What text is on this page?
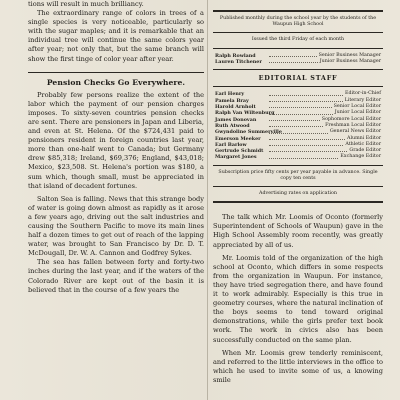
tions will result in much brilliancy.

The extraordinary range of colors in trees of a single species is very noticeable, particularly so with the sugar maples; and it is remarkable that an individual tree will continue the same colors year after year; not only that, but the same branch will show the first tinge of color year after year.

Pension Checks Go Everywhere.

Probably few persons realize the extent of the labor which the payment of our pension charges imposes. To sixty-seven countries pension checks are sent. There are pensioners in Japan and Liberia, and even at St. Helena. Of the $724,431 paid to pensioners resident in foreign countries last year, more than one-half went to Canada; but Germany drew $85,318; Ireland, $69,376; England, $43,018; Mexico, $23,508. St. Helena's portion was $180, a sum which, though small, must be appreciated in that island of decadent fortunes.

Salton Sea is falling. News that this strange body of water is going down almost as rapidly as it arose a few years ago, driving out the salt industries and causing the Southern Pacific to move its main lines half a dozen times to get out of reach of the lapping water, was brought to San Francisco by Dr. D. T. McDougall, Dr. W. A. Cannon and Godfrey Sykes.

The sea has fallen between forty and forty-two inches during the last year, and if the waters of the Colorado River are kept out of the basin it is believed that in the course of a few years the

Published monthly during the school year by the students of the Waupun High School

Issued the third Friday of each month

Ralph Rowland	Senior Business Manager
Lauren Titchener	Junior Business Manager

EDITORIAL STAFF

Earl Henry	Editor-in-Chief
Pamela Bray	Literary Editor
Harold Arnholt	Senior Local Editor
Ralph Van Wiltenburg	Junior Local Editor
James Donovan	Sophomore Local Editor
Ruth Atwood	Freshman Local Editor
Gwyndoline Summerville	General News Editor
Emerson Meeker	Alumni Editor
Earl Barlow	Athletic Editor
Gertrude Schmidt	Grade Editor
Margaret Jones	Exchange Editor

Subscription price fifty cents per year payable in advance. Single copy ten cents

Advertising rates on application

The talk which Mr. Loomis of Oconto (formerly Superintendent of Schools of Waupun) gave in the High School Assembly room recently, was greatly appreciated by all of us.

Mr. Loomis told of the organization of the high school at Oconto, which differs in some respects from the organization in Waupun. For instance, they have tried segregation there, and have found it to work admirably. Especially is this true in geometry courses, where the natural inclination of the boys seems to tend toward original demonstrations, while the girls prefer text book work. The work in civics also has been successfully conducted on the same plan.

When Mr. Loomis grew tenderly reminiscent, and referred to the little interviews in the office to which he used to invite some of us, a knowing smile
